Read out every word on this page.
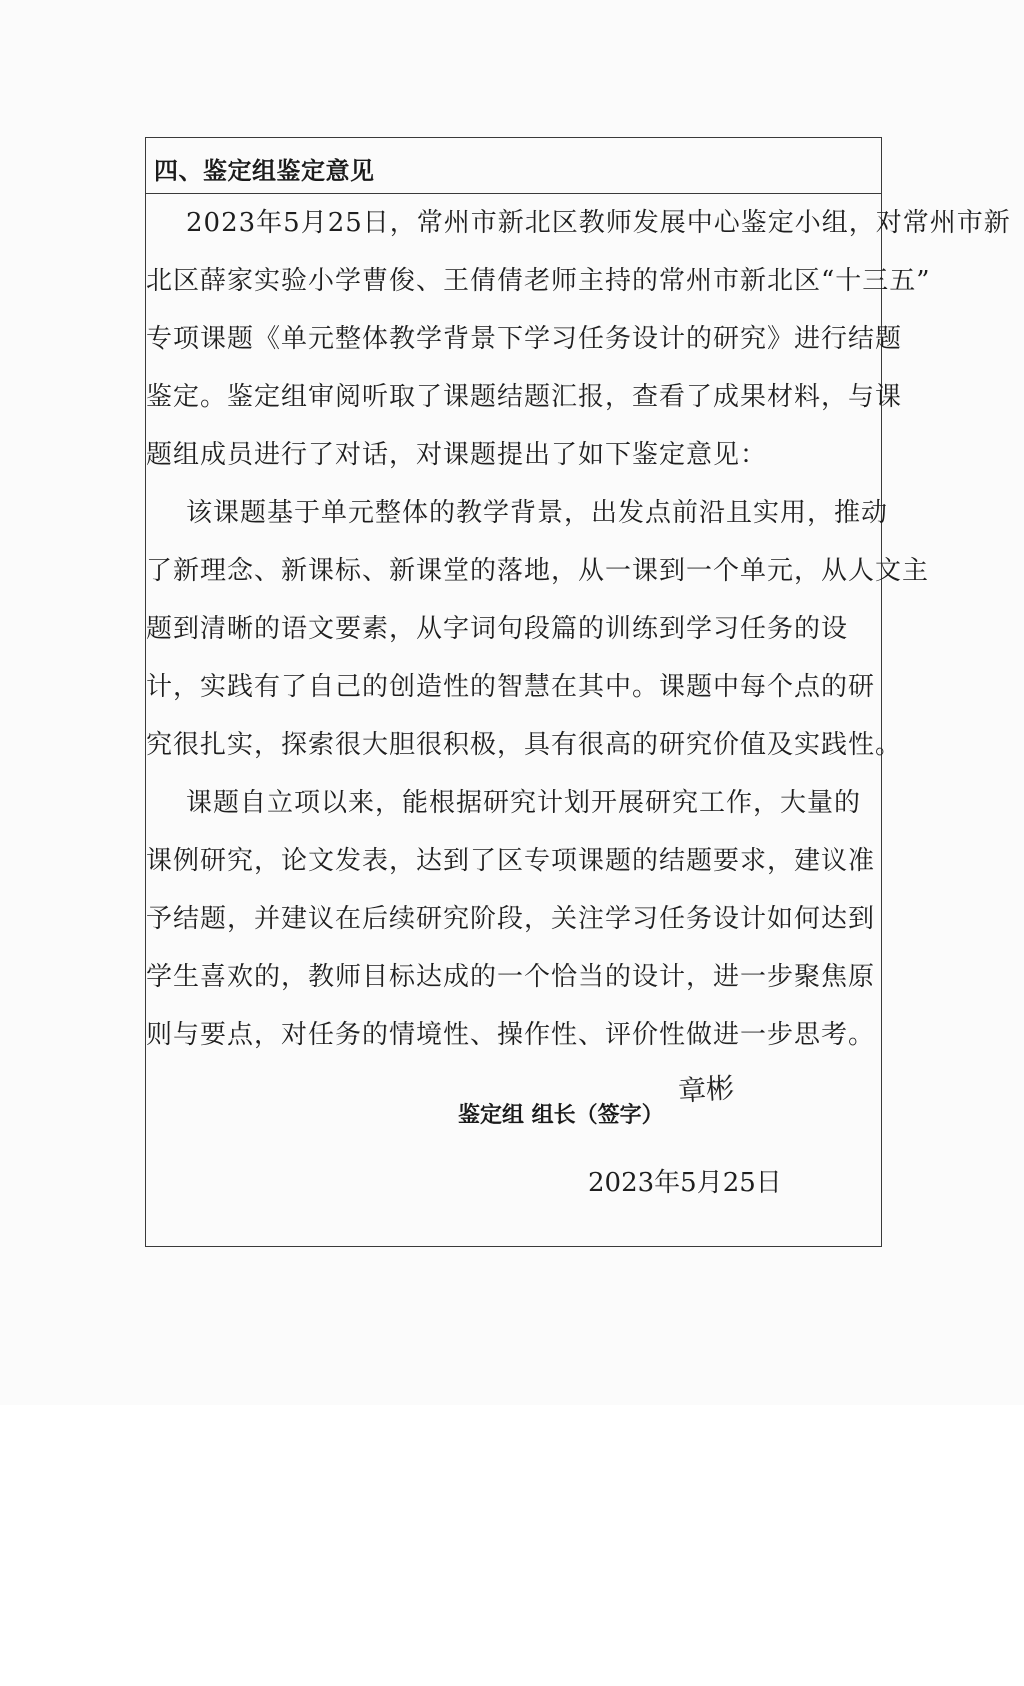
四、鉴定组鉴定意见
2023年5月25日，常州市新北区教师发展中心鉴定小组，对常州市新
北区薛家实验小学曹俊、王倩倩老师主持的常州市新北区“十三五”
专项课题《单元整体教学背景下学习任务设计的研究》进行结题
鉴定。鉴定组审阅听取了课题结题汇报，查看了成果材料，与课
题组成员进行了对话，对课题提出了如下鉴定意见：
该课题基于单元整体的教学背景，出发点前沿且实用，推动
了新理念、新课标、新课堂的落地，从一课到一个单元，从人文主
题到清晰的语文要素，从字词句段篇的训练到学习任务的设
计，实践有了自己的创造性的智慧在其中。课题中每个点的研
究很扎实，探索很大胆很积极，具有很高的研究价值及实践性。
课题自立项以来，能根据研究计划开展研究工作，大量的
课例研究，论文发表，达到了区专项课题的结题要求，建议准
予结题，并建议在后续研究阶段，关注学习任务设计如何达到
学生喜欢的，教师目标达成的一个恰当的设计，进一步聚焦原
则与要点，对任务的情境性、操作性、评价性做进一步思考。
鉴定组 组长（签字）
章彬
2023年5月25日
